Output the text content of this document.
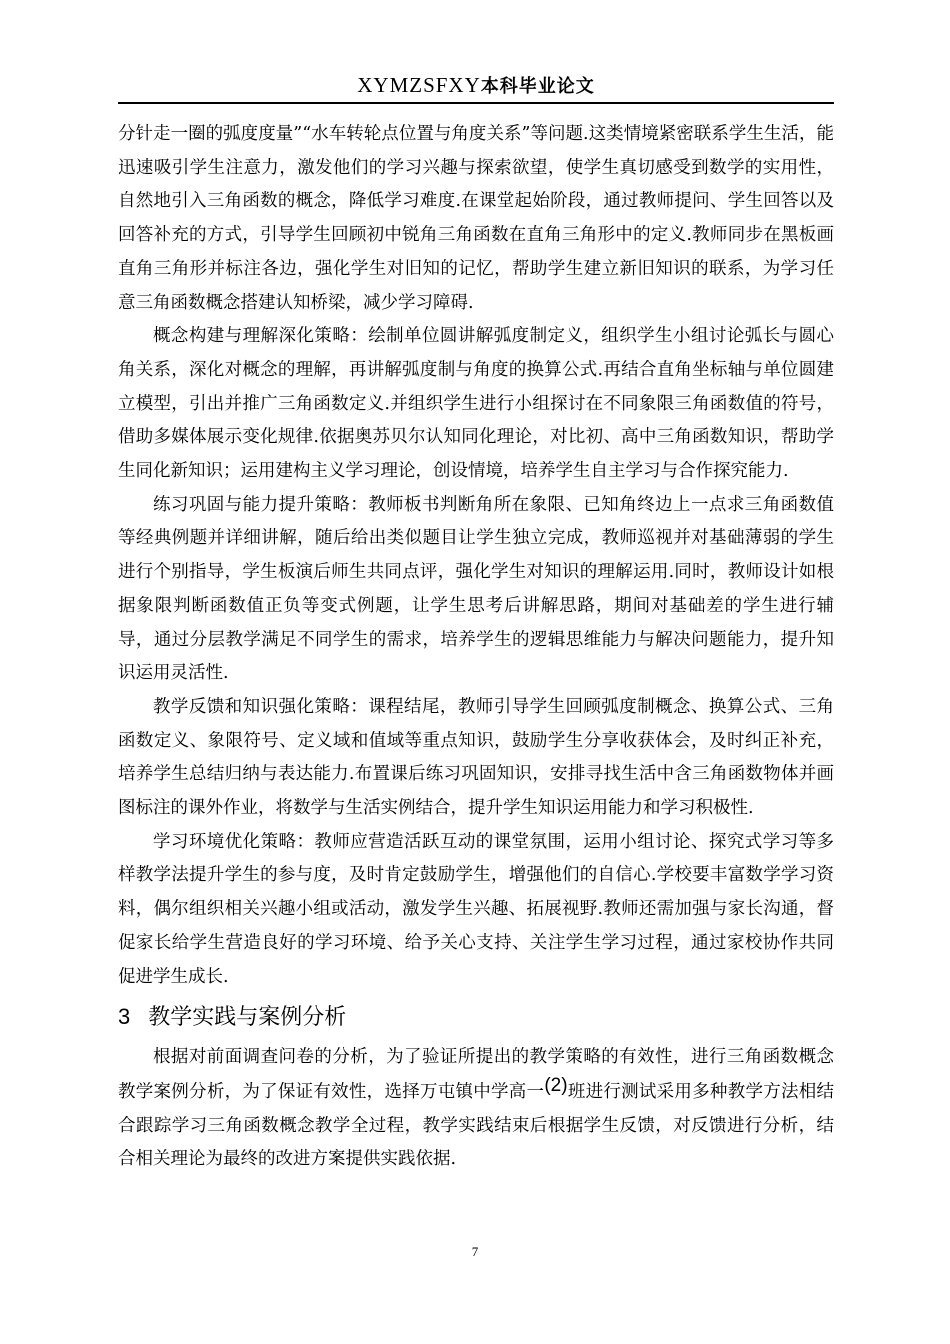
XYMZSFXY本科毕业论文

分针走一圈的弧度度量”“水车转轮点位置与角度关系”等问题.这类情境紧密联系学生生活，能迅速吸引学生注意力，激发他们的学习兴趣与探索欲望，使学生真切感受到数学的实用性，自然地引入三角函数的概念，降低学习难度.在课堂起始阶段，通过教师提问、学生回答以及回答补充的方式，引导学生回顾初中锐角三角函数在直角三角形中的定义.教师同步在黑板画直角三角形并标注各边，强化学生对旧知的记忆，帮助学生建立新旧知识的联系，为学习任意三角函数概念搭建认知桥梁，减少学习障碍.

概念构建与理解深化策略：绘制单位圆讲解弧度制定义，组织学生小组讨论弧长与圆心角关系，深化对概念的理解，再讲解弧度制与角度的换算公式.再结合直角坐标轴与单位圆建立模型，引出并推广三角函数定义.并组织学生进行小组探讨在不同象限三角函数值的符号，借助多媒体展示变化规律.依据奥苏贝尔认知同化理论，对比初、高中三角函数知识，帮助学生同化新知识；运用建构主义学习理论，创设情境，培养学生自主学习与合作探究能力.

练习巩固与能力提升策略：教师板书判断角所在象限、已知角终边上一点求三角函数值等经典例题并详细讲解，随后给出类似题目让学生独立完成，教师巡视并对基础薄弱的学生进行个别指导，学生板演后师生共同点评，强化学生对知识的理解运用.同时，教师设计如根据象限判断函数值正负等变式例题，让学生思考后讲解思路，期间对基础差的学生进行辅导，通过分层教学满足不同学生的需求，培养学生的逻辑思维能力与解决问题能力，提升知识运用灵活性.

教学反馈和知识强化策略：课程结尾，教师引导学生回顾弧度制概念、换算公式、三角函数定义、象限符号、定义域和值域等重点知识，鼓励学生分享收获体会，及时纠正补充，培养学生总结归纳与表达能力.布置课后练习巩固知识，安排寻找生活中含三角函数物体并画图标注的课外作业，将数学与生活实例结合，提升学生知识运用能力和学习积极性.

学习环境优化策略：教师应营造活跃互动的课堂氛围，运用小组讨论、探究式学习等多样教学法提升学生的参与度，及时肯定鼓励学生，增强他们的自信心.学校要丰富数学学习资料，偶尔组织相关兴趣小组或活动，激发学生兴趣、拓展视野.教师还需加强与家长沟通，督促家长给学生营造良好的学习环境、给予关心支持、关注学生学习过程，通过家校协作共同促进学生成长.

3 教学实践与案例分析

根据对前面调查问卷的分析，为了验证所提出的教学策略的有效性，进行三角函数概念教学案例分析，为了保证有效性，选择万屯镇中学高一(2)班进行测试采用多种教学方法相结合跟踪学习三角函数概念教学全过程，教学实践结束后根据学生反馈，对反馈进行分析，结合相关理论为最终的改进方案提供实践依据.

7
